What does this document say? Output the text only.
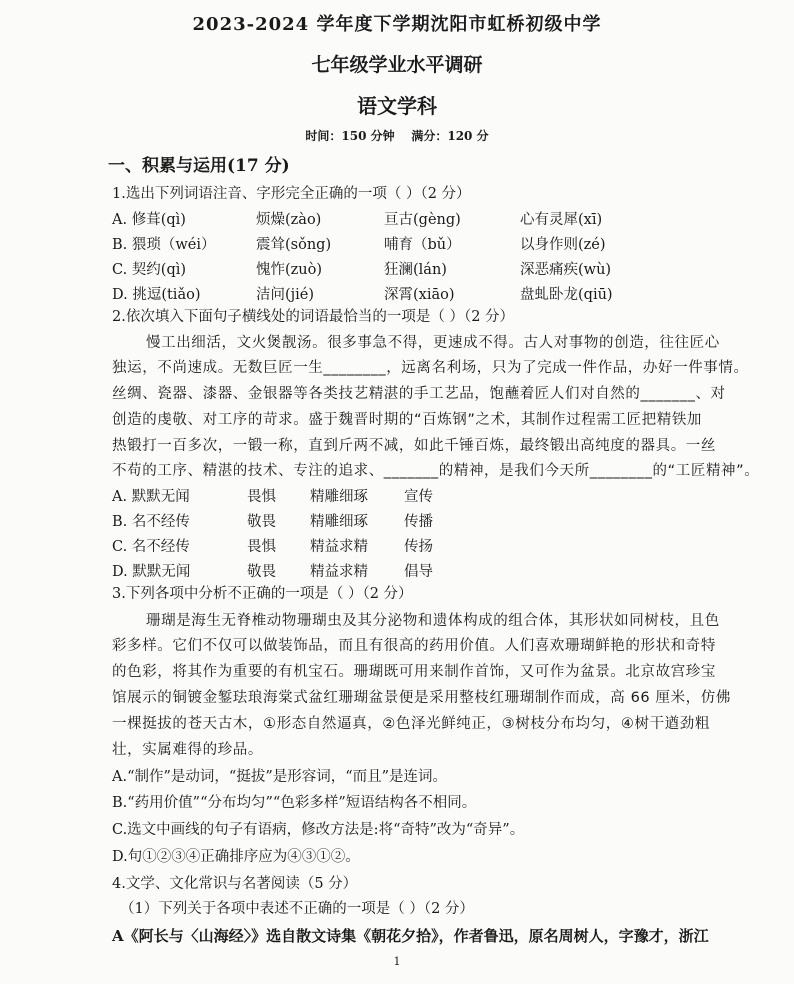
2023-2024 学年度下学期沈阳市虹桥初级中学
七年级学业水平调研
语文学科
时间：150 分钟    满分：120 分
一、积累与运用(17 分)
1.选出下列词语注音、字形完全正确的一项（ ）（2 分）
A. 修葺(qì)	烦燥(zào)	亘古(gèng)	心有灵犀(xī)
B. 猥琐（wéi）	震耸(sǒng)	哺育（bǔ）	以身作则(zé)
C. 契约(qì)	愧怍(zuò)	狂澜(lán)	深恶痛疾(wù)
D. 挑逗(tiǎo)	洁问(jié)	深霄(xiāo)	盘虬卧龙(qiū)
2.依次填入下面句子横线处的词语最恰当的一项是（ ）（2 分）
慢工出细活，文火煲靓汤。很多事急不得，更速成不得。古人对事物的创造，往往匠心
独运，不尚速成。无数巨匠一生________，远离名利场，只为了完成一件作品，办好一件事情。
丝绸、瓷器、漆器、金银器等各类技艺精湛的手工艺品，饱蘸着匠人们对自然的_______、对
创造的虔敬、对工序的苛求。盛于魏晋时期的“百炼钢”之术，其制作过程需工匠把精铁加
热锻打一百多次，一锻一称，直到斤两不减，如此千锤百炼，最终锻出高纯度的器具。一丝
不苟的工序、精湛的技术、专注的追求、_______的精神，是我们今天所________的“工匠精神”。
A. 默默无闻	畏惧 精雕细琢 宣传
B. 名不经传	敬畏 精雕细琢 传播
C. 名不经传	畏惧 精益求精 传扬
D. 默默无闻	敬畏 精益求精 倡导
3.下列各项中分析不正确的一项是（ ）（2 分）
珊瑚是海生无脊椎动物珊瑚虫及其分泌物和遗体构成的组合体，其形状如同树枝，且色
彩多样。它们不仅可以做装饰品，而且有很高的药用价值。人们喜欢珊瑚鲜艳的形状和奇特
的色彩，将其作为重要的有机宝石。珊瑚既可用来制作首饰，又可作为盆景。北京故宫珍宝
馆展示的铜镀金錾珐琅海棠式盆红珊瑚盆景便是采用整枝红珊瑚制作而成，高 66 厘米，仿佛
一棵挺拔的苍天古木，①形态自然逼真，②色泽光鲜纯正，③树枝分布均匀，④树干遒劲粗
壮，实属难得的珍品。
A.“制作”是动词，“挺拔”是形容词，“而且”是连词。
B.“药用价值”“分布均匀”“色彩多样”短语结构各不相同。
C.选文中画线的句子有语病，修改方法是:将“奇特”改为“奇异”。
D.句①②③④正确排序应为④③①②。
4.文学、文化常识与名著阅读（5 分）
（1）下列关于各项中表述不正确的一项是（ ）（2 分）
A《阿长与〈山海经〉》选自散文诗集《朝花夕拾》，作者鲁迅，原名周树人，字豫才，浙江
1
